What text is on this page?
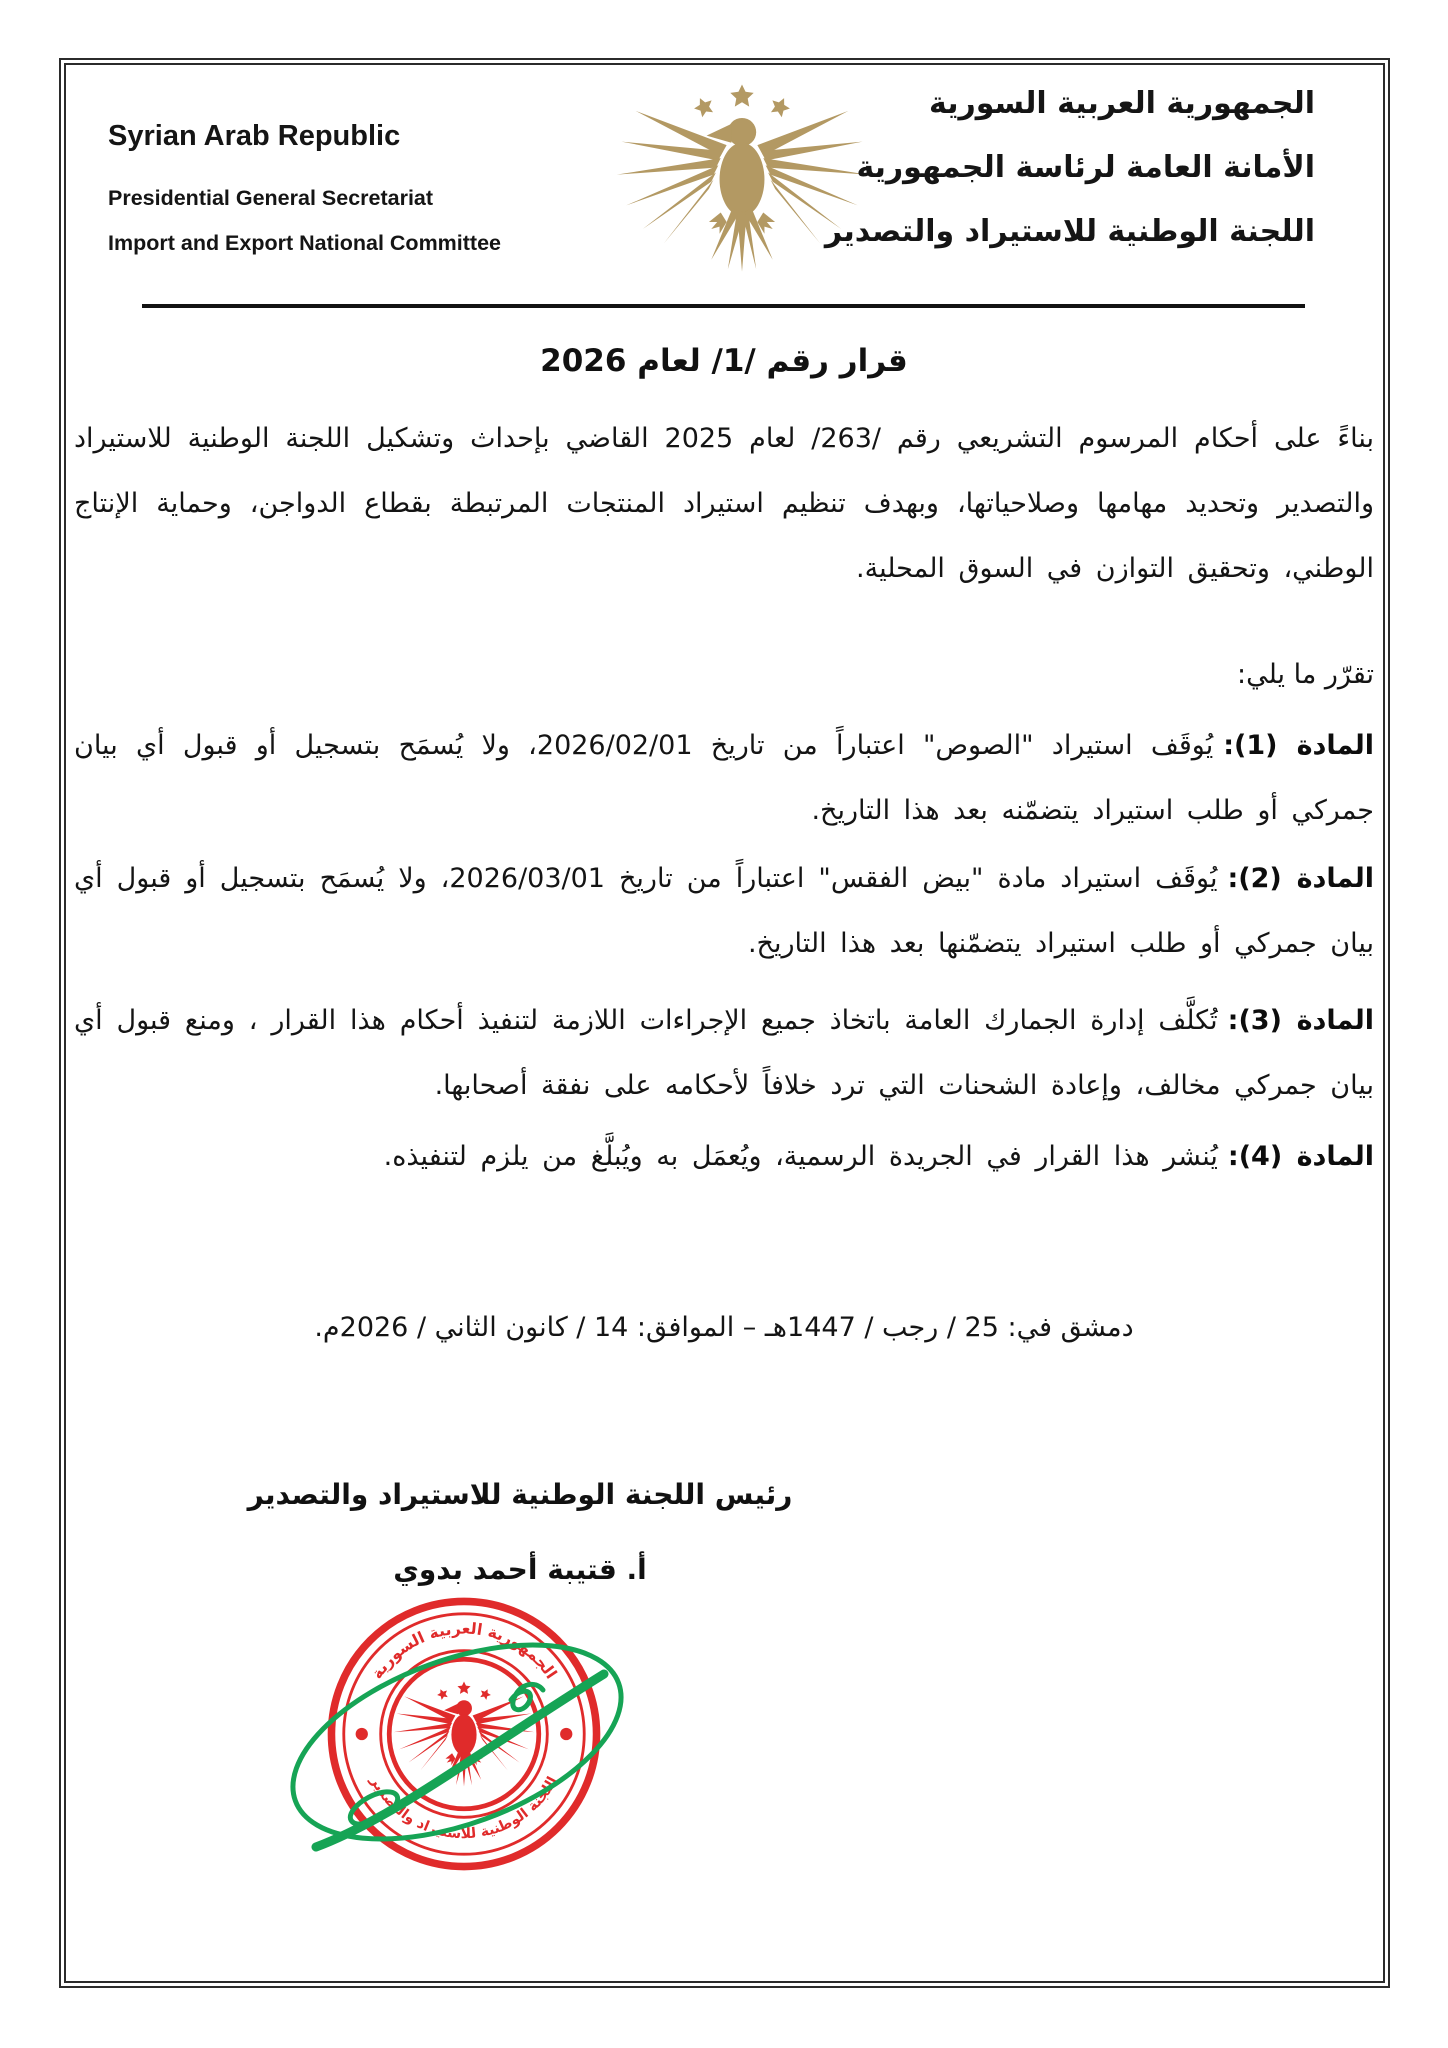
Syrian Arab Republic
Presidential General Secretariat
Import and Export National Committee
الجمهورية العربية السورية
الأمانة العامة لرئاسة الجمهورية
اللجنة الوطنية للاستيراد والتصدير
قرار رقم /1/ لعام 2026
بناءً على أحكام المرسوم التشريعي رقم /263/ لعام 2025 القاضي بإحداث وتشكيل اللجنة الوطنية للاستيراد والتصدير وتحديد مهامها وصلاحياتها، وبهدف تنظيم استيراد المنتجات المرتبطة بقطاع الدواجن، وحماية الإنتاج الوطني، وتحقيق التوازن في السوق المحلية.
تقرّر ما يلي:
المادة (1):يُوقَف استيراد "الصوص" اعتباراً من تاريخ 2026/02/01، ولا يُسمَح بتسجيل أو قبول أي بيان جمركي أو طلب استيراد يتضمّنه بعد هذا التاريخ.
المادة (2):يُوقَف استيراد مادة "بيض الفقس" اعتباراً من تاريخ 2026/03/01، ولا يُسمَح بتسجيل أو قبول أي بيان جمركي أو طلب استيراد يتضمّنها بعد هذا التاريخ.
المادة (3):تُكلَّف إدارة الجمارك العامة باتخاذ جميع الإجراءات اللازمة لتنفيذ أحكام هذا القرار ، ومنع قبول أي بيان جمركي مخالف، وإعادة الشحنات التي ترد خلافاً لأحكامه على نفقة أصحابها.
المادة (4):يُنشر هذا القرار في الجريدة الرسمية، ويُعمَل به ويُبلَّغ من يلزم لتنفيذه.
دمشق في: 25 / رجب / 1447هـ – الموافق: 14 / كانون الثاني / 2026م.
رئيس اللجنة الوطنية للاستيراد والتصدير
أ. قتيبة أحمد بدوي
الجمهورية العربية السورية
اللجنة الوطنية للاستيراد والتصدير
